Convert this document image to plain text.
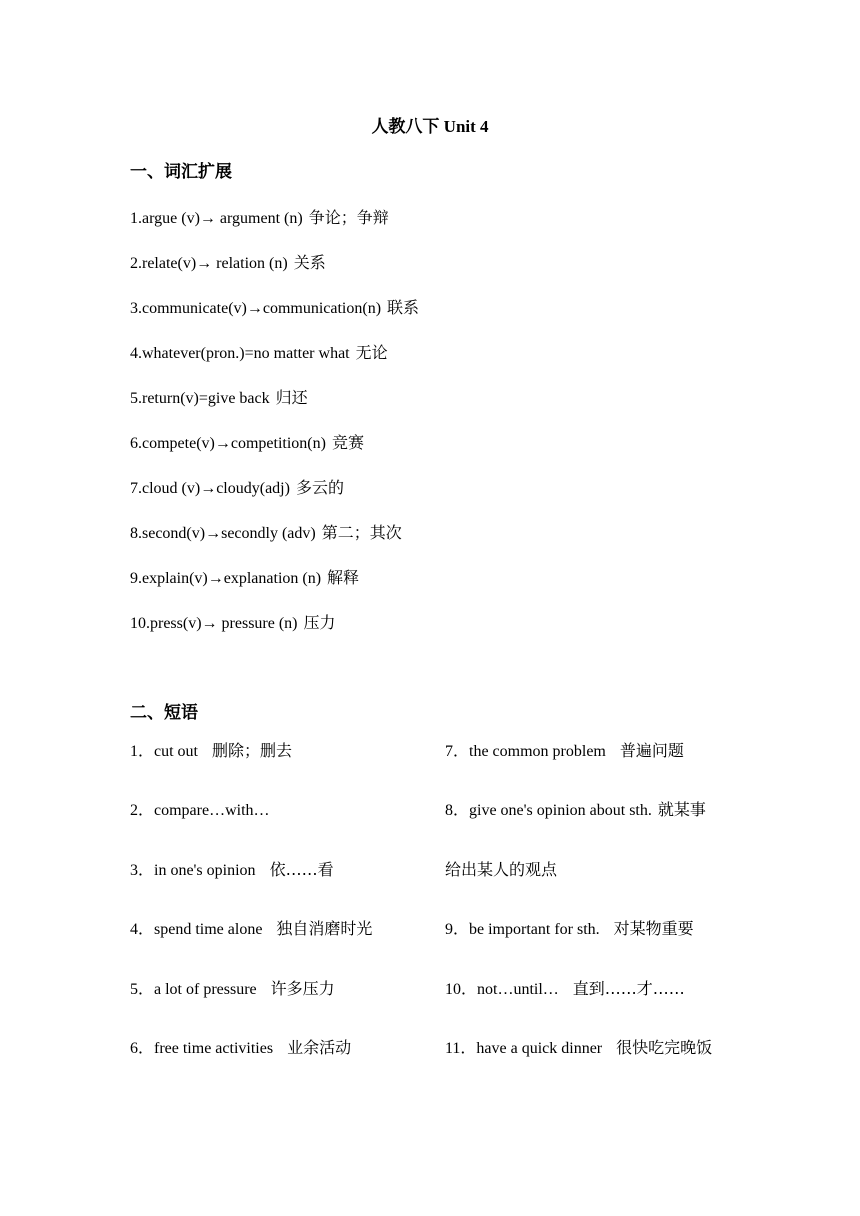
人教八下 Unit 4
一、词汇扩展
1.argue (v)→ argument (n) 争论；争辩
2.relate(v)→ relation (n) 关系
3.communicate(v)→communication(n) 联系
4.whatever(pron.)=no matter what 无论
5.return(v)=give back 归还
6.compete(v)→competition(n) 竞赛
7.cloud (v)→cloudy(adj) 多云的
8.second(v)→secondly (adv) 第二；其次
9.explain(v)→explanation (n) 解释
10.press(v)→ pressure (n) 压力
二、短语
1．cut out 删除；删去
2．compare…with…
3．in one's opinion 依……看
4．spend time alone 独自消磨时光
5．a lot of pressure 许多压力
6．free time activities 业余活动
7．the common problem 普遍问题
8．give one's opinion about sth. 就某事
给出某人的观点
9．be important for sth. 对某物重要
10．not…until… 直到……才……
11．have a quick dinner 很快吃完晚饭
